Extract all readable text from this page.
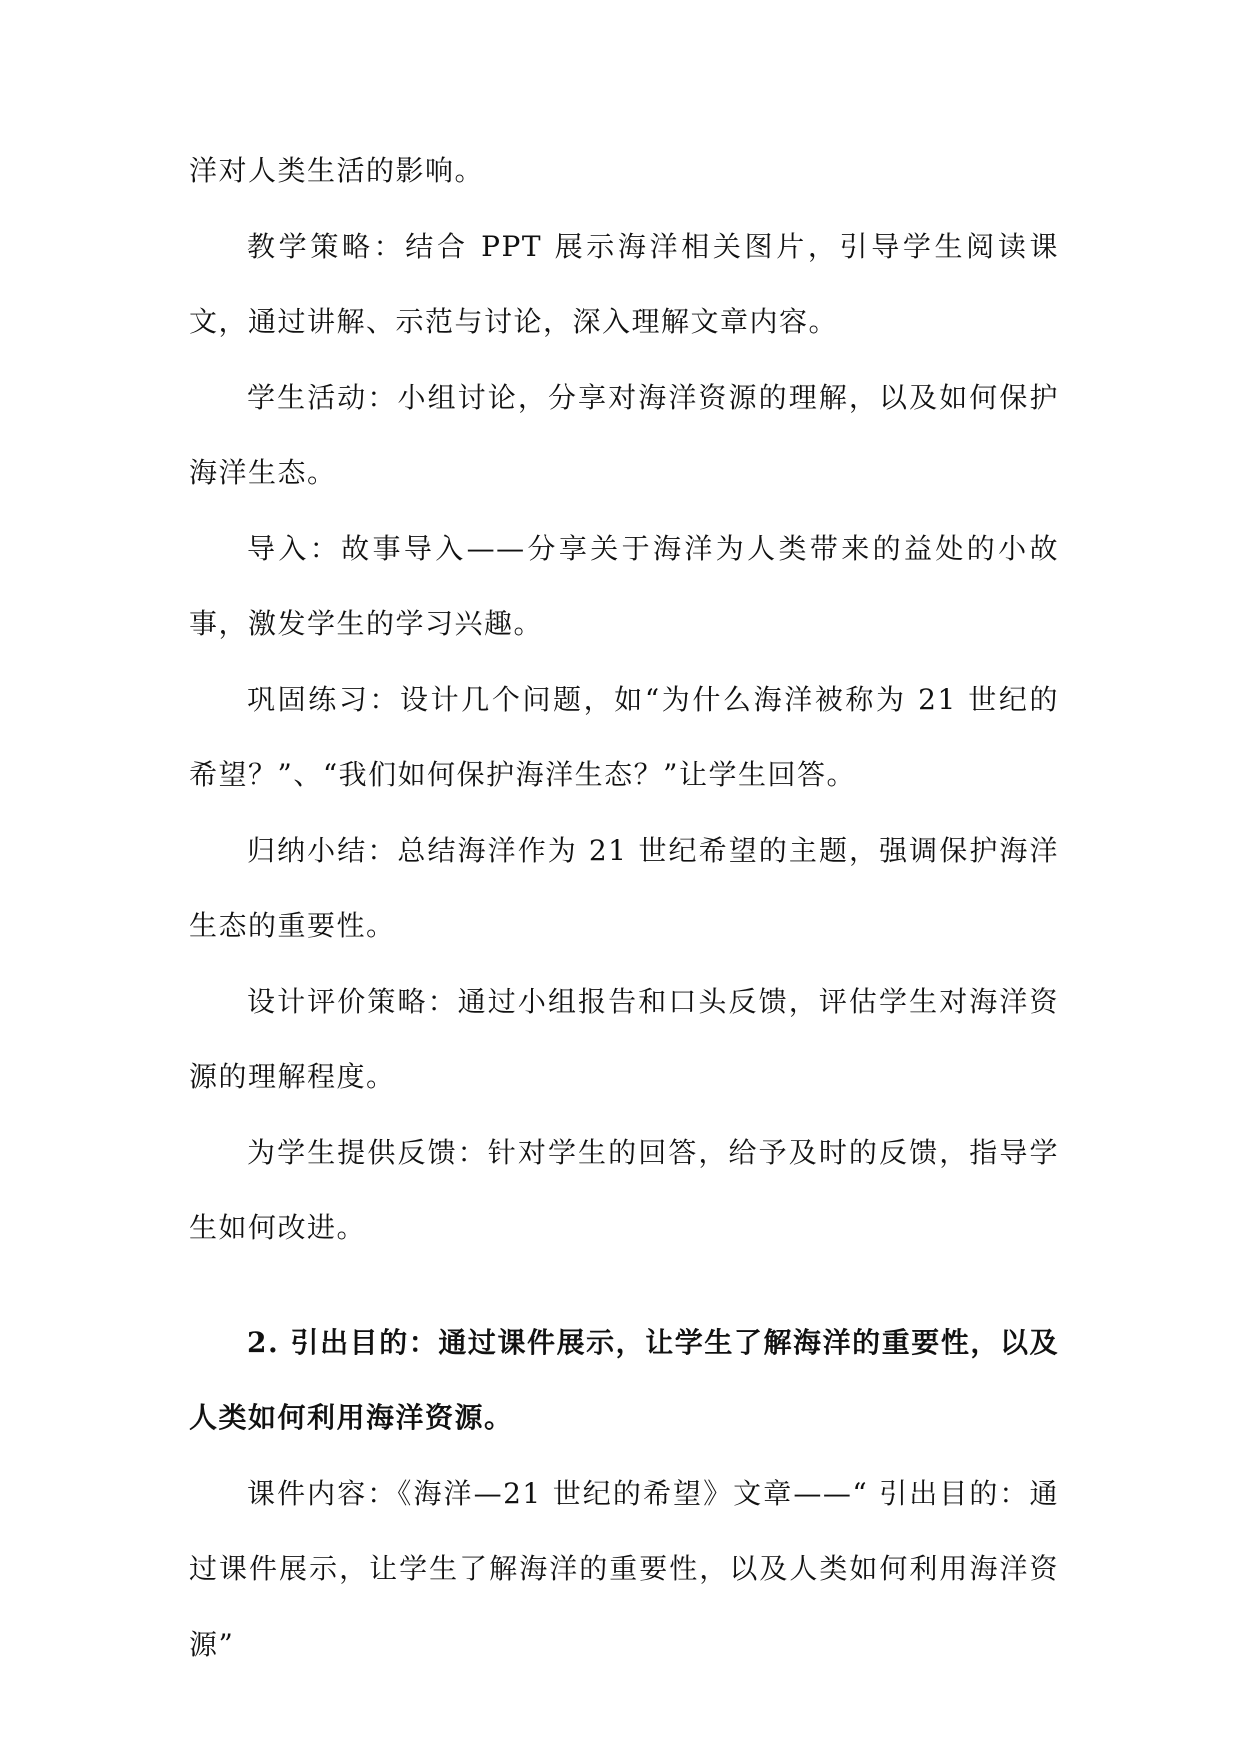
洋对人类生活的影响。

教学策略：结合 PPT 展示海洋相关图片，引导学生阅读课文，通过讲解、示范与讨论，深入理解文章内容。

学生活动：小组讨论，分享对海洋资源的理解，以及如何保护海洋生态。

导入：故事导入——分享关于海洋为人类带来的益处的小故事，激发学生的学习兴趣。

巩固练习：设计几个问题，如“为什么海洋被称为 21 世纪的希望？”、“我们如何保护海洋生态？”让学生回答。

归纳小结：总结海洋作为 21 世纪希望的主题，强调保护海洋生态的重要性。

设计评价策略：通过小组报告和口头反馈，评估学生对海洋资源的理解程度。

为学生提供反馈：针对学生的回答，给予及时的反馈，指导学生如何改进。

2. 引出目的：通过课件展示，让学生了解海洋的重要性，以及人类如何利用海洋资源。

课件内容：《海洋—21 世纪的希望》文章——“ 引出目的：通过课件展示，让学生了解海洋的重要性，以及人类如何利用海洋资源”
